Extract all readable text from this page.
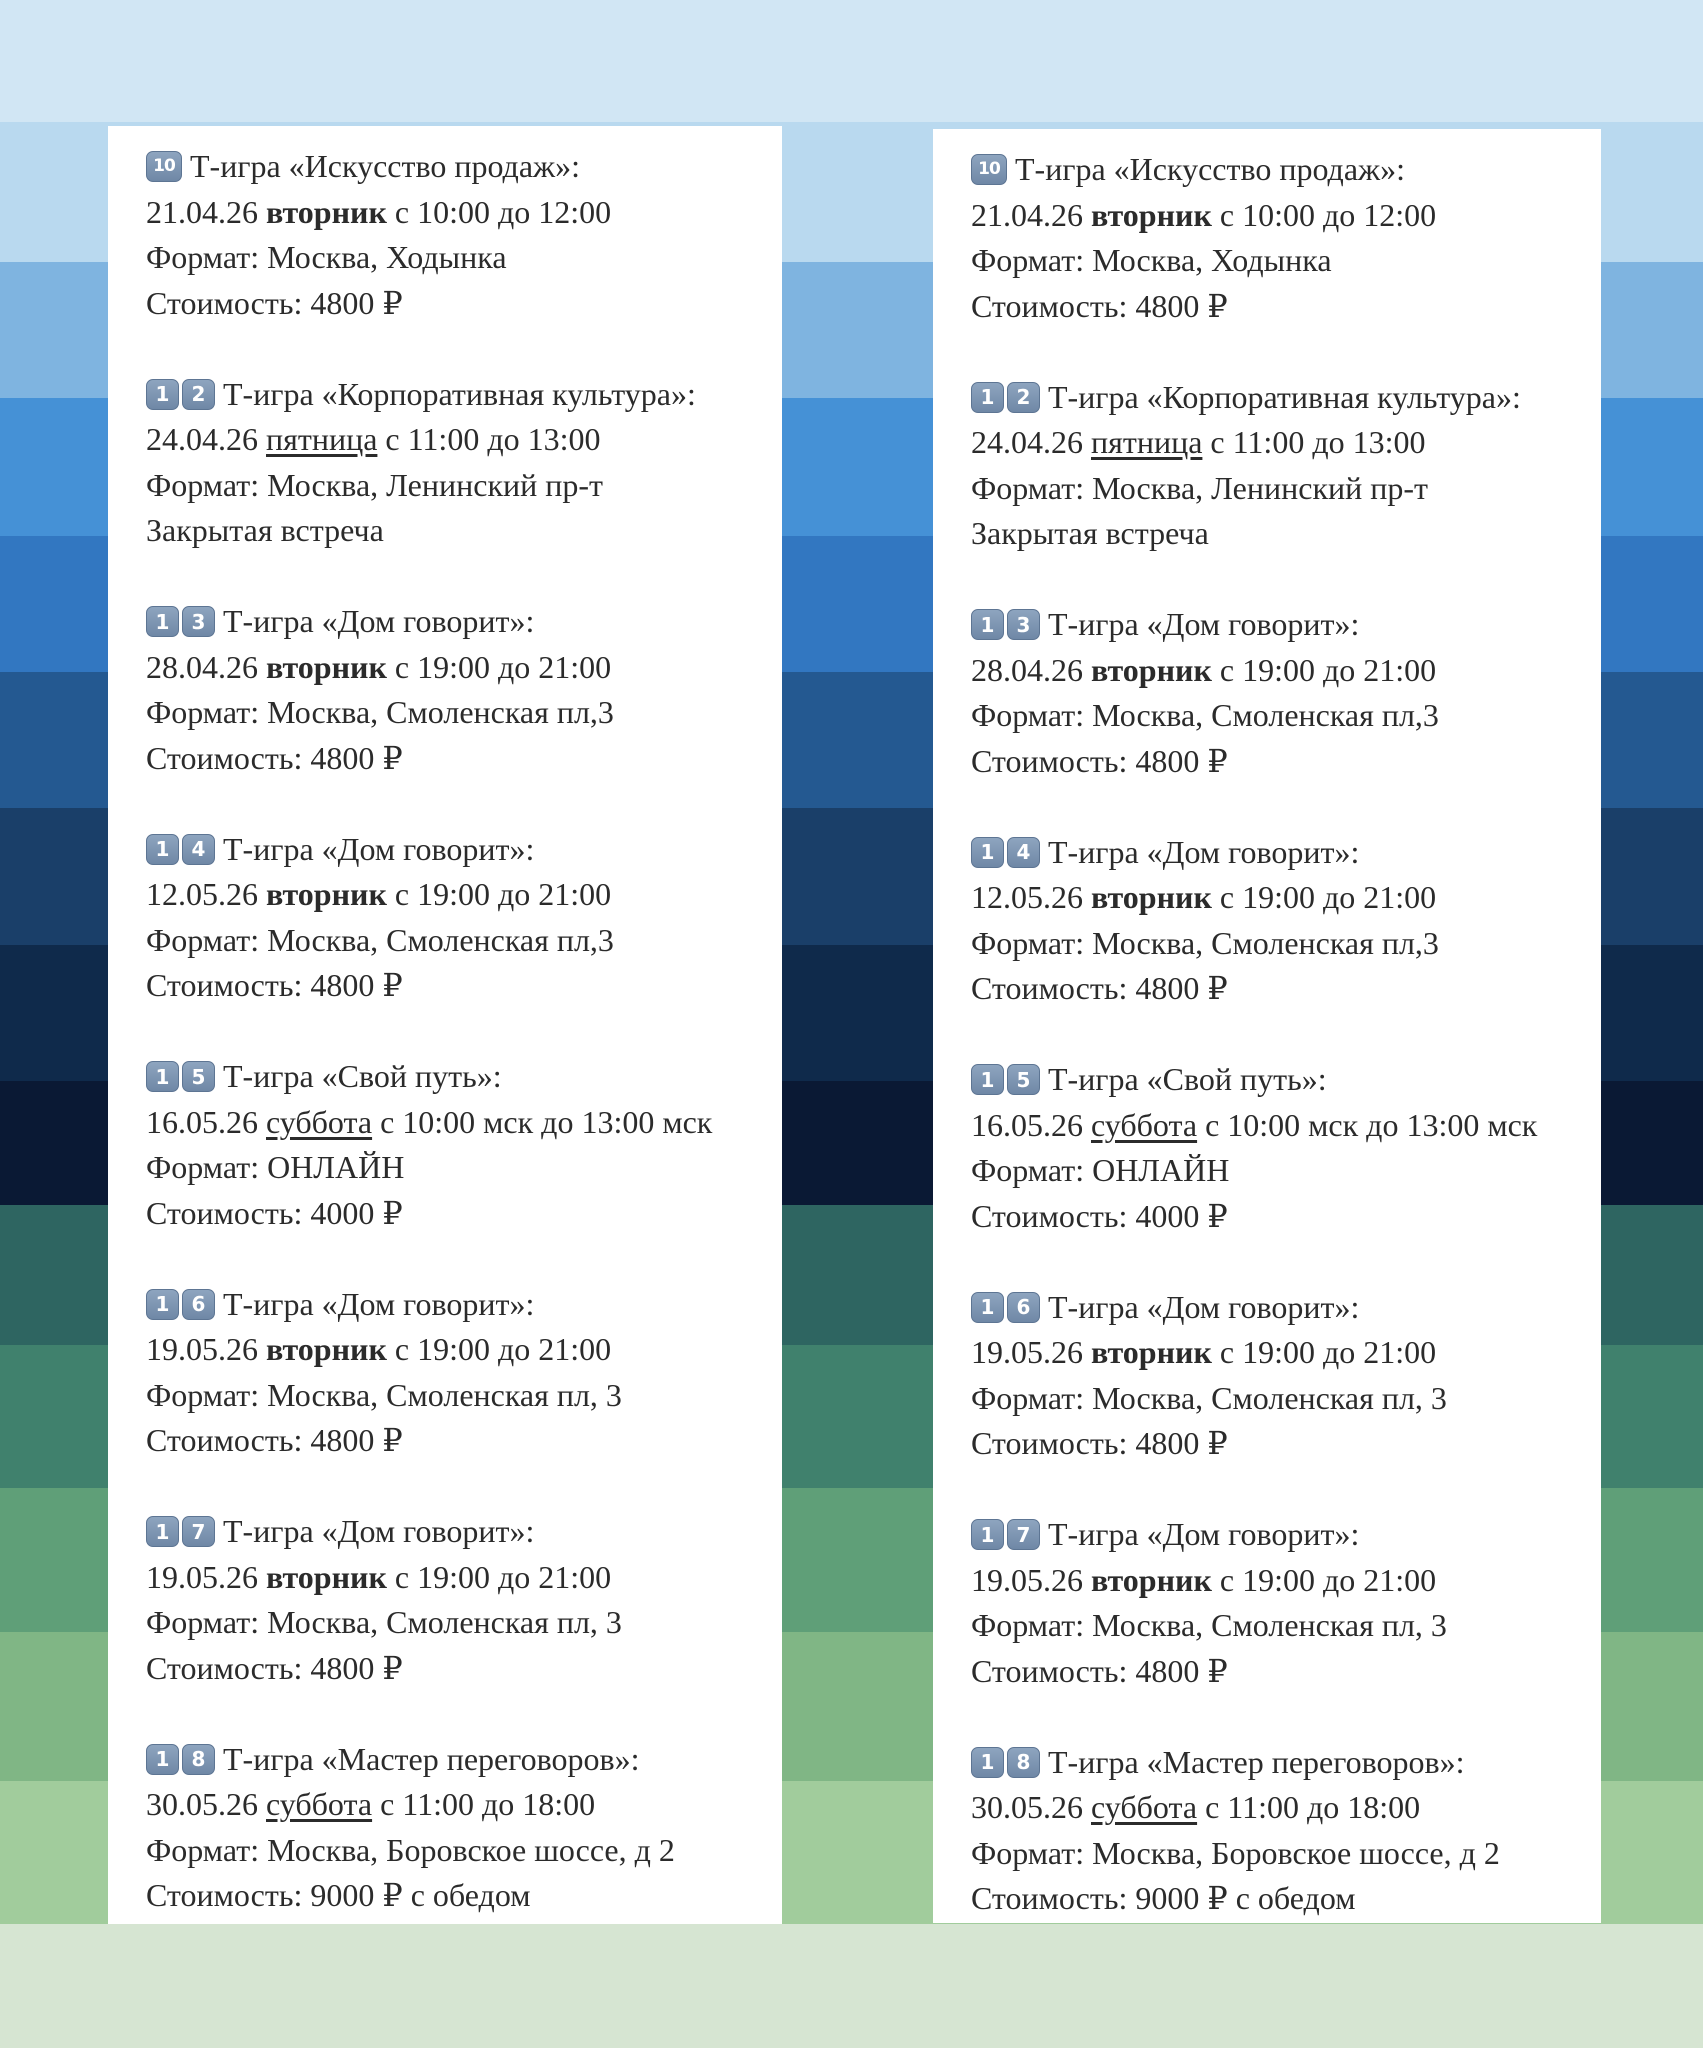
10 Т-игра «Искусство продаж»:
21.04.26 вторник с 10:00 до 12:00
Формат: Москва, Ходынка
Стоимость: 4800 ₽
1	2 Т-игра «Корпоративная культура»:
24.04.26 пятница с 11:00 до 13:00
Формат: Москва, Ленинский пр-т
Закрытая встреча
1	3 Т-игра «Дом говорит»:
28.04.26 вторник с 19:00 до 21:00
Формат: Москва, Смоленская пл,3
Стоимость: 4800 ₽
1	4 Т-игра «Дом говорит»:
12.05.26 вторник с 19:00 до 21:00
Формат: Москва, Смоленская пл,3
Стоимость: 4800 ₽
1	5 Т-игра «Свой путь»:
16.05.26 суббота с 10:00 мск до 13:00 мск
Формат: ОНЛАЙН
Стоимость: 4000 ₽
1	6 Т-игра «Дом говорит»:
19.05.26 вторник с 19:00 до 21:00
Формат: Москва, Смоленская пл, 3
Стоимость: 4800 ₽
1	7 Т-игра «Дом говорит»:
19.05.26 вторник с 19:00 до 21:00
Формат: Москва, Смоленская пл, 3
Стоимость: 4800 ₽
1	8 Т-игра «Мастер переговоров»:
30.05.26 суббота с 11:00 до 18:00
Формат: Москва, Боровское шоссе, д 2
Стоимость: 9000 ₽ с обедом
10 Т-игра «Искусство продаж»:
21.04.26 вторник с 10:00 до 12:00
Формат: Москва, Ходынка
Стоимость: 4800 ₽
1	2 Т-игра «Корпоративная культура»:
24.04.26 пятница с 11:00 до 13:00
Формат: Москва, Ленинский пр-т
Закрытая встреча
1	3 Т-игра «Дом говорит»:
28.04.26 вторник с 19:00 до 21:00
Формат: Москва, Смоленская пл,3
Стоимость: 4800 ₽
1	4 Т-игра «Дом говорит»:
12.05.26 вторник с 19:00 до 21:00
Формат: Москва, Смоленская пл,3
Стоимость: 4800 ₽
1	5 Т-игра «Свой путь»:
16.05.26 суббота с 10:00 мск до 13:00 мск
Формат: ОНЛАЙН
Стоимость: 4000 ₽
1	6 Т-игра «Дом говорит»:
19.05.26 вторник с 19:00 до 21:00
Формат: Москва, Смоленская пл, 3
Стоимость: 4800 ₽
1	7 Т-игра «Дом говорит»:
19.05.26 вторник с 19:00 до 21:00
Формат: Москва, Смоленская пл, 3
Стоимость: 4800 ₽
1	8 Т-игра «Мастер переговоров»:
30.05.26 суббота с 11:00 до 18:00
Формат: Москва, Боровское шоссе, д 2
Стоимость: 9000 ₽ с обедом
